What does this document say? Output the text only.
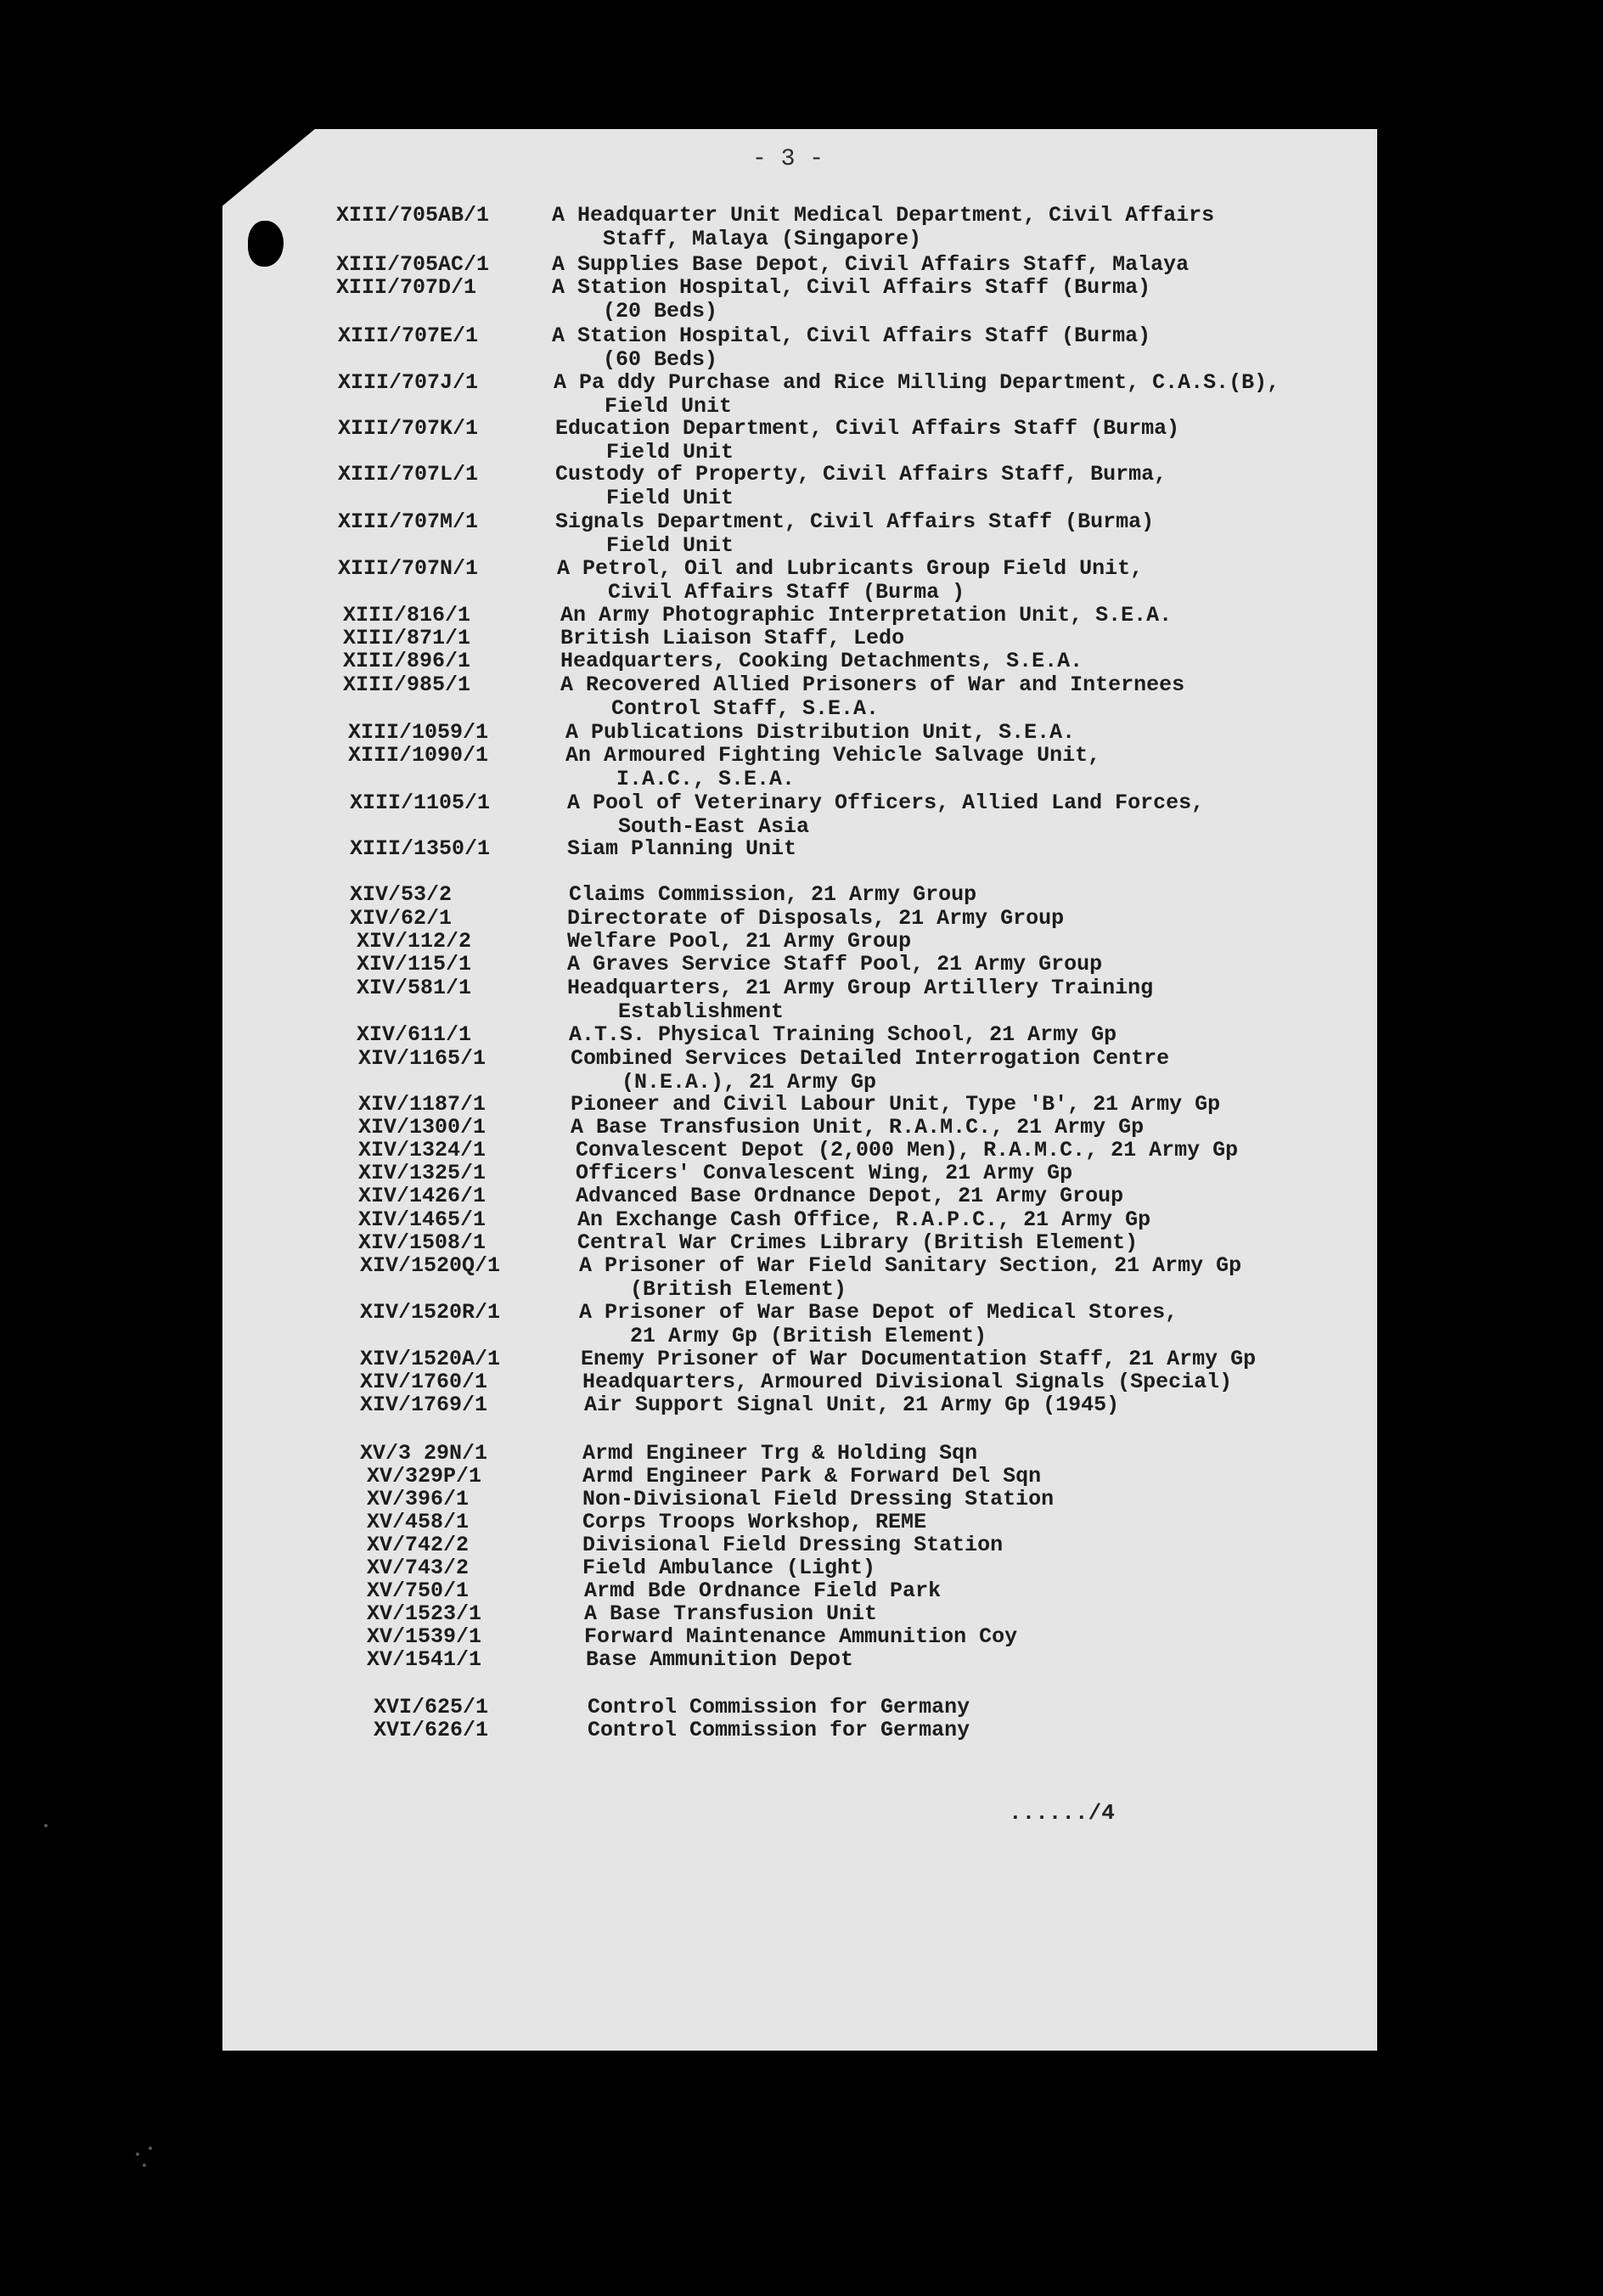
- 3 -
XIII/705AB/1	A Headquarter Unit Medical Department, Civil Affairs
Staff, Malaya (Singapore)
XIII/705AC/1	A Supplies Base Depot, Civil Affairs Staff, Malaya
XIII/707D/1	A Station Hospital, Civil Affairs Staff (Burma)
(20 Beds)
XIII/707E/1	A Station Hospital, Civil Affairs Staff (Burma)
(60 Beds)
XIII/707J/1	A Pa ddy Purchase and Rice Milling Department, C.A.S.(B),
Field Unit
XIII/707K/1	Education Department, Civil Affairs Staff (Burma)
Field Unit
XIII/707L/1	Custody of Property, Civil Affairs Staff, Burma,
Field Unit
XIII/707M/1	Signals Department, Civil Affairs Staff (Burma)
Field Unit
XIII/707N/1	A Petrol, Oil and Lubricants Group Field Unit,
Civil Affairs Staff (Burma )
XIII/816/1	An Army Photographic Interpretation Unit, S.E.A.
XIII/871/1	British Liaison Staff, Ledo
XIII/896/1	Headquarters, Cooking Detachments, S.E.A.
XIII/985/1	A Recovered Allied Prisoners of War and Internees
Control Staff, S.E.A.
XIII/1059/1	A Publications Distribution Unit, S.E.A.
XIII/1090/1	An Armoured Fighting Vehicle Salvage Unit,
I.A.C., S.E.A.
XIII/1105/1	A Pool of Veterinary Officers, Allied Land Forces,
South-East Asia
XIII/1350/1	Siam Planning Unit
XIV/53/2	Claims Commission, 21 Army Group
XIV/62/1	Directorate of Disposals, 21 Army Group
XIV/112/2	Welfare Pool, 21 Army Group
XIV/115/1	A Graves Service Staff Pool, 21 Army Group
XIV/581/1	Headquarters, 21 Army Group Artillery Training
Establishment
XIV/611/1	A.T.S. Physical Training School, 21 Army Gp
XIV/1165/1	Combined Services Detailed Interrogation Centre
(N.E.A.), 21 Army Gp
XIV/1187/1	Pioneer and Civil Labour Unit, Type 'B', 21 Army Gp
XIV/1300/1	A Base Transfusion Unit, R.A.M.C., 21 Army Gp
XIV/1324/1	Convalescent Depot (2,000 Men), R.A.M.C., 21 Army Gp
XIV/1325/1	Officers' Convalescent Wing, 21 Army Gp
XIV/1426/1	Advanced Base Ordnance Depot, 21 Army Group
XIV/1465/1	An Exchange Cash Office, R.A.P.C., 21 Army Gp
XIV/1508/1	Central War Crimes Library (British Element)
XIV/1520Q/1	A Prisoner of War Field Sanitary Section, 21 Army Gp
(British Element)
XIV/1520R/1	A Prisoner of War Base Depot of Medical Stores,
21 Army Gp (British Element)
XIV/1520A/1	Enemy Prisoner of War Documentation Staff, 21 Army Gp
XIV/1760/1	Headquarters, Armoured Divisional Signals (Special)
XIV/1769/1	Air Support Signal Unit, 21 Army Gp (1945)
XV/3 29N/1	Armd Engineer Trg & Holding Sqn
XV/329P/1	Armd Engineer Park & Forward Del Sqn
XV/396/1	Non-Divisional Field Dressing Station
XV/458/1	Corps Troops Workshop, REME
XV/742/2	Divisional Field Dressing Station
XV/743/2	Field Ambulance (Light)
XV/750/1	Armd Bde Ordnance Field Park
XV/1523/1	A Base Transfusion Unit
XV/1539/1	Forward Maintenance Ammunition Coy
XV/1541/1	Base Ammunition Depot
XVI/625/1	Control Commission for Germany
XVI/626/1	Control Commission for Germany
....../4
